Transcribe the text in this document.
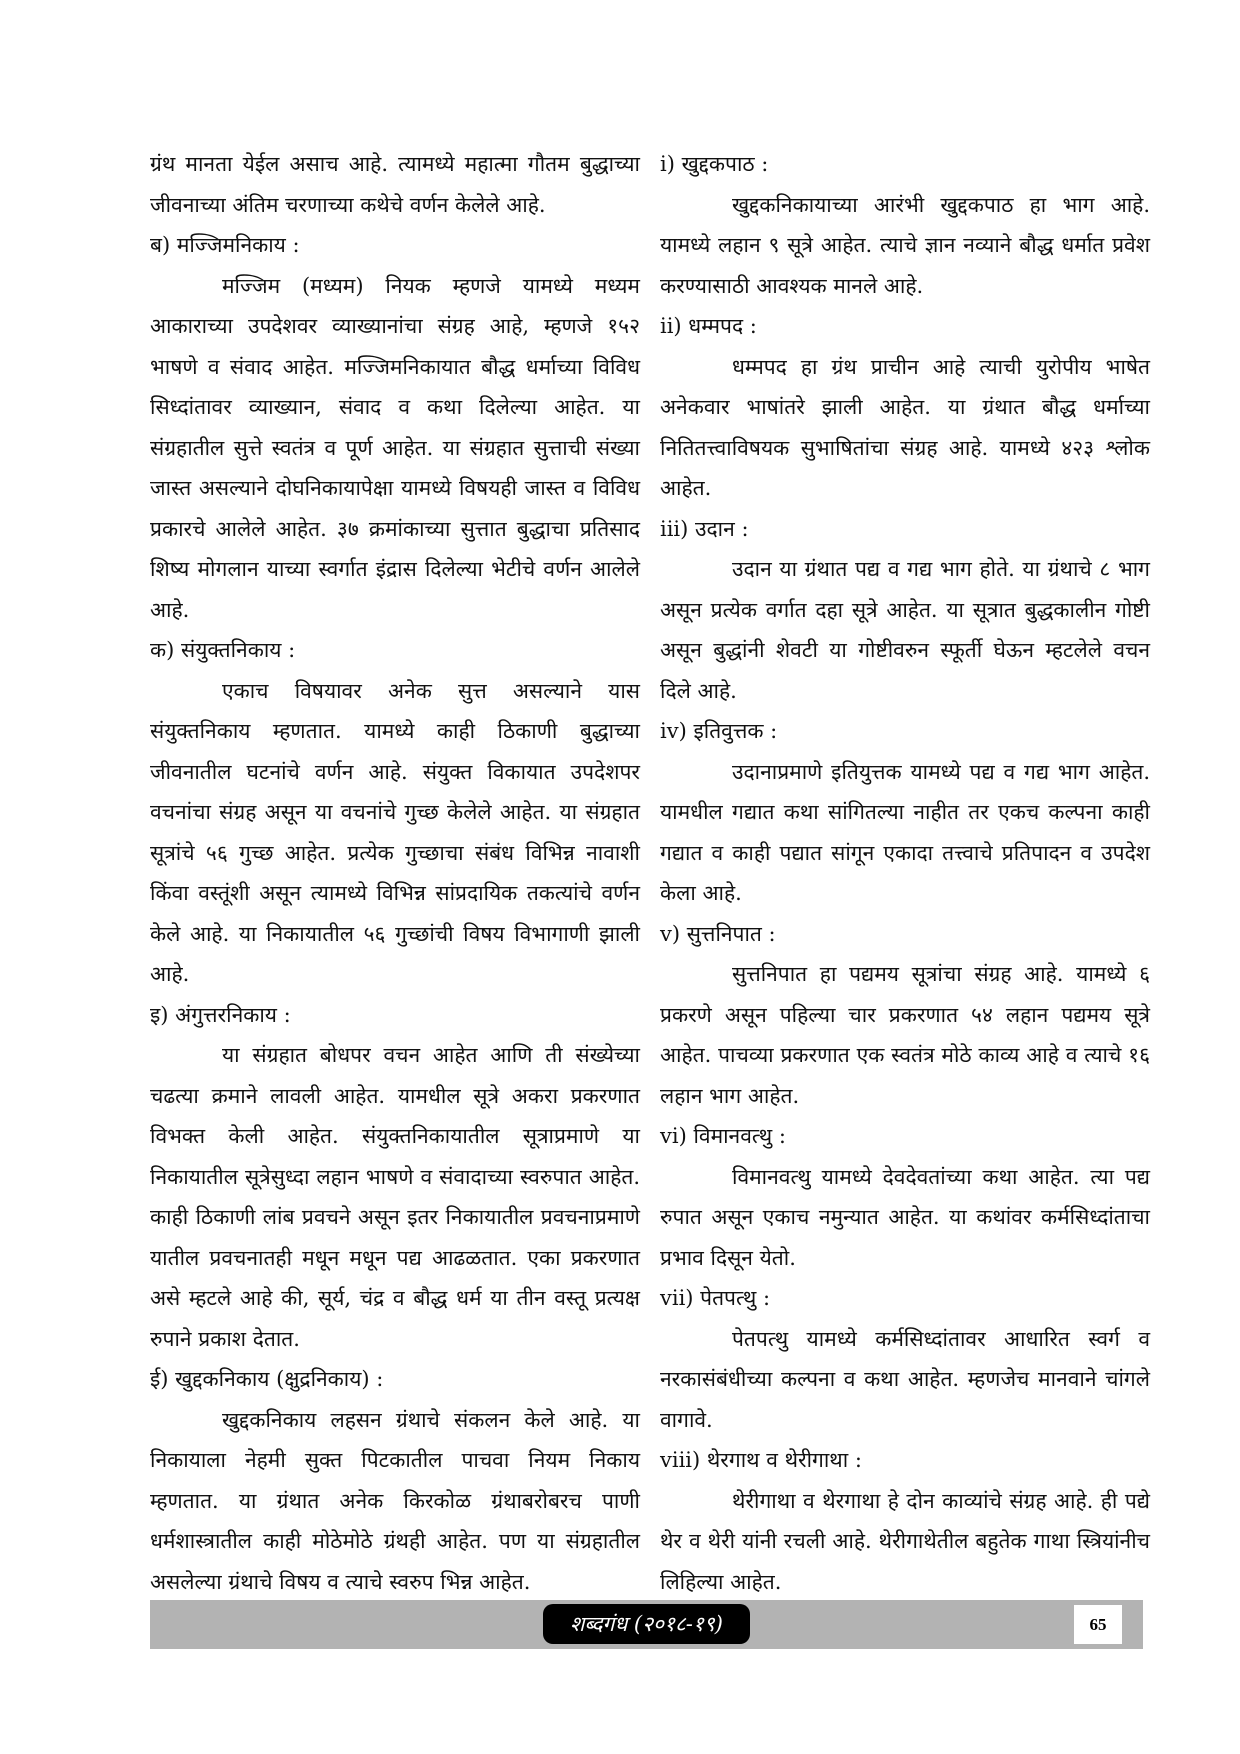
ग्रंथ मानता येईल असाच आहे. त्यामध्ये महात्मा गौतम बुद्धाच्या जीवनाच्या अंतिम चरणाच्या कथेचे वर्णन केलेले आहे.

ब) मज्जिमनिकाय :

मज्जिम (मध्यम) नियक म्हणजे यामध्ये मध्यम आकाराच्या उपदेशवर व्याख्यानांचा संग्रह आहे, म्हणजे १५२ भाषणे व संवाद आहेत. मज्जिमनिकायात बौद्ध धर्माच्या विविध सिध्दांतावर व्याख्यान, संवाद व कथा दिलेल्या आहेत. या संग्रहातील सुत्ते स्वतंत्र व पूर्ण आहेत. या संग्रहात सुत्ताची संख्या जास्त असल्याने दोघनिकायापेक्षा यामध्ये विषयही जास्त व विविध प्रकारचे आलेले आहेत. ३७ क्रमांकाच्या सुत्तात बुद्धाचा प्रतिसाद शिष्य मोगलान याच्या स्वर्गात इंद्रास दिलेल्या भेटीचे वर्णन आलेले आहे.

क) संयुक्तनिकाय :

एकाच विषयावर अनेक सुत्त असल्याने यास संयुक्तनिकाय म्हणतात. यामध्ये काही ठिकाणी बुद्धाच्या जीवनातील घटनांचे वर्णन आहे. संयुक्त विकायात उपदेशपर वचनांचा संग्रह असून या वचनांचे गुच्छ केलेले आहेत. या संग्रहात सूत्रांचे ५६ गुच्छ आहेत. प्रत्येक गुच्छाचा संबंध विभिन्न नावाशी किंवा वस्तूंशी असून त्यामध्ये विभिन्न सांप्रदायिक तकत्यांचे वर्णन केले आहे. या निकायातील ५६ गुच्छांची विषय विभागाणी झाली आहे.

इ) अंगुत्तरनिकाय :

या संग्रहात बोधपर वचन आहेत आणि ती संख्येच्या चढत्या क्रमाने लावली आहेत. यामधील सूत्रे अकरा प्रकरणात विभक्त केली आहेत. संयुक्तनिकायातील सूत्राप्रमाणे या निकायातील सूत्रेसुध्दा लहान भाषणे व संवादाच्या स्वरुपात आहेत. काही ठिकाणी लांब प्रवचने असून इतर निकायातील प्रवचनाप्रमाणे यातील प्रवचनातही मधून मधून पद्य आढळतात. एका प्रकरणात असे म्हटले आहे की, सूर्य, चंद्र व बौद्ध धर्म या तीन वस्तू प्रत्यक्ष रुपाने प्रकाश देतात.

ई) खुद्दकनिकाय (क्षुद्रनिकाय) :

खुद्दकनिकाय लहसन ग्रंथाचे संकलन केले आहे. या निकायाला नेहमी सुक्त पिटकातील पाचवा नियम निकाय म्हणतात. या ग्रंथात अनेक किरकोळ ग्रंथाबरोबरच पाणी धर्मशास्त्रातील काही मोठेमोठे ग्रंथही आहेत. पण या संग्रहातील असलेल्या ग्रंथाचे विषय व त्याचे स्वरुप भिन्न आहेत.

i) खुद्दकपाठ :

खुद्दकनिकायाच्या आरंभी खुद्दकपाठ हा भाग आहे. यामध्ये लहान ९ सूत्रे आहेत. त्याचे ज्ञान नव्याने बौद्ध धर्मात प्रवेश करण्यासाठी आवश्यक मानले आहे.

ii) धम्मपद :

धम्मपद हा ग्रंथ प्राचीन आहे त्याची युरोपीय भाषेत अनेकवार भाषांतरे झाली आहेत. या ग्रंथात बौद्ध धर्माच्या नितितत्त्वाविषयक सुभाषितांचा संग्रह आहे. यामध्ये ४२३ श्लोक आहेत.

iii) उदान :

उदान या ग्रंथात पद्य व गद्य भाग होते. या ग्रंथाचे ८ भाग असून प्रत्येक वर्गात दहा सूत्रे आहेत. या सूत्रात बुद्धकालीन गोष्टी असून बुद्धांनी शेवटी या गोष्टीवरुन स्फूर्ती घेऊन म्हटलेले वचन दिले आहे.

iv) इतिवुत्तक :

उदानाप्रमाणे इतियुत्तक यामध्ये पद्य व गद्य भाग आहेत. यामधील गद्यात कथा सांगितल्या नाहीत तर एकच कल्पना काही गद्यात व काही पद्यात सांगून एकादा तत्त्वाचे प्रतिपादन व उपदेश केला आहे.

v) सुत्तनिपात :

सुत्तनिपात हा पद्यमय सूत्रांचा संग्रह आहे. यामध्ये ६ प्रकरणे असून पहिल्या चार प्रकरणात ५४ लहान पद्यमय सूत्रे आहेत. पाचव्या प्रकरणात एक स्वतंत्र मोठे काव्य आहे व त्याचे १६ लहान भाग आहेत.

vi) विमानवत्थु :

विमानवत्थु यामध्ये देवदेवतांच्या कथा आहेत. त्या पद्य रुपात असून एकाच नमुन्यात आहेत. या कथांवर कर्मसिध्दांताचा प्रभाव दिसून येतो.

vii) पेतपत्थु :

पेतपत्थु यामध्ये कर्मसिध्दांतावर आधारित स्वर्ग व नरकासंबंधीच्या कल्पना व कथा आहेत. म्हणजेच मानवाने चांगले वागावे.

viii) थेरगाथ व थेरीगाथा :

थेरीगाथा व थेरगाथा हे दोन काव्यांचे संग्रह आहे. ही पद्ये थेर व थेरी यांनी रचली आहे. थेरीगाथेतील बहुतेक गाथा स्त्रियांनीच लिहिल्या आहेत.

शब्दगंध (२०१८-१९)	65
